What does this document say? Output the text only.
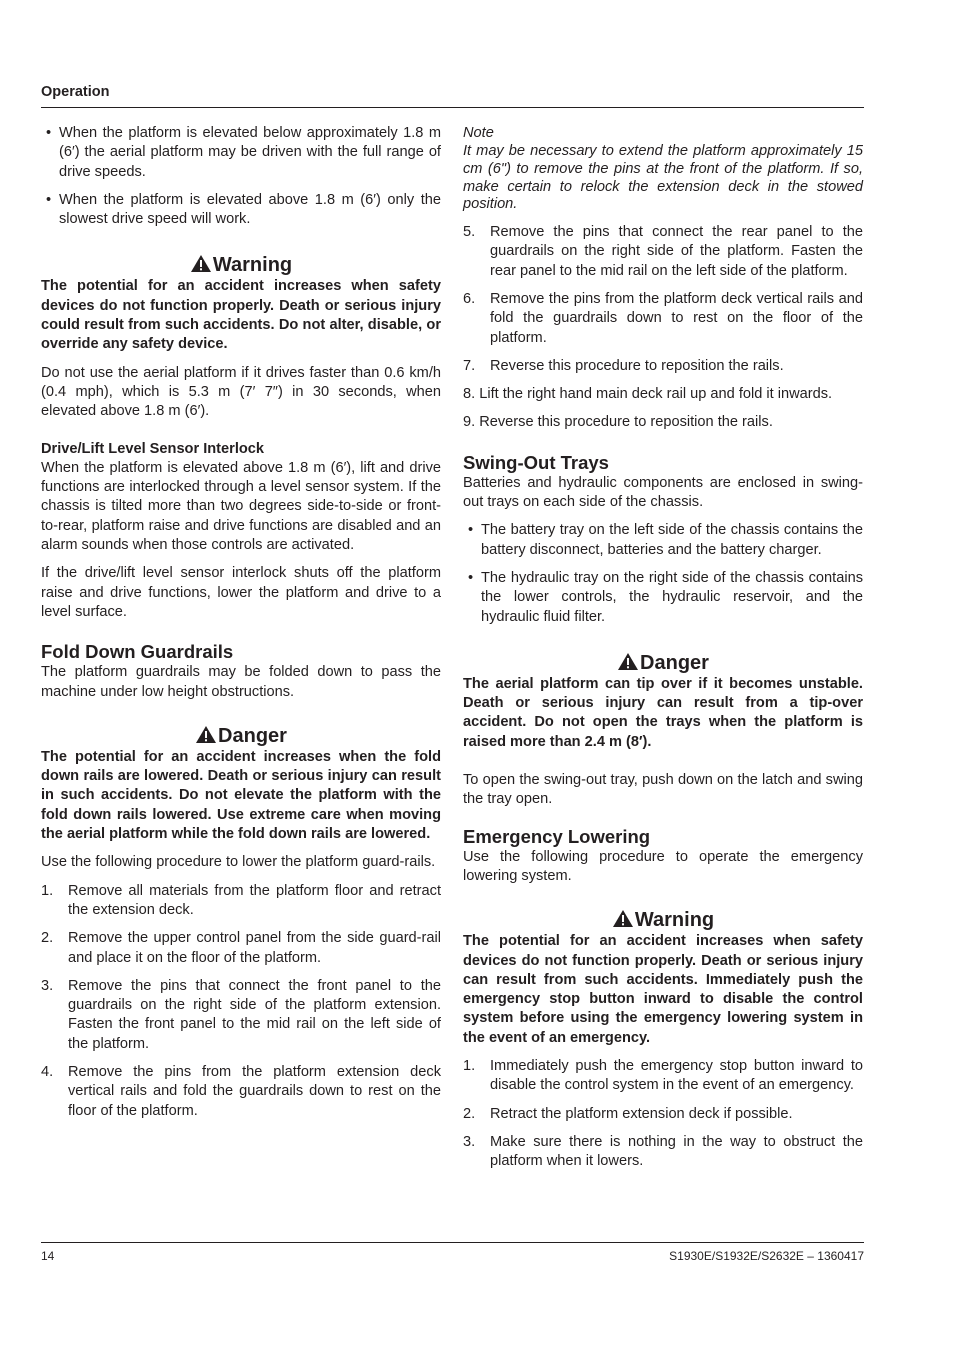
Operation
• When the platform is elevated below approximately 1.8 m (6′) the aerial platform may be driven with the full range of drive speeds.
• When the platform is elevated above 1.8 m (6′) only the slowest drive speed will work.
Warning

The potential for an accident increases when safety devices do not function properly. Death or serious injury could result from such accidents. Do not alter, disable, or override any safety device.

Do not use the aerial platform if it drives faster than 0.6 km/h (0.4 mph), which is 5.3 m (7′ 7″) in 30 seconds, when elevated above 1.8 m (6′).

Drive/Lift Level Sensor Interlock

When the platform is elevated above 1.8 m (6′), lift and drive functions are interlocked through a level sensor system. If the chassis is tilted more than two degrees side-to-side or front-to-rear, platform raise and drive functions are disabled and an alarm sounds when those controls are activated.

If the drive/lift level sensor interlock shuts off the platform raise and drive functions, lower the platform and drive to a level surface.

Fold Down Guardrails

The platform guardrails may be folded down to pass the machine under low height obstructions.

Danger

The potential for an accident increases when the fold down rails are lowered. Death or serious injury can result in such accidents. Do not elevate the platform with the fold down rails lowered. Use extreme care when moving the aerial platform while the fold down rails are lowered.

Use the following procedure to lower the platform guard-rails.

1. Remove all materials from the platform floor and retract the extension deck.
2. Remove the upper control panel from the side guard-rail and place it on the floor of the platform.
3. Remove the pins that connect the front panel to the guardrails on the right side of the platform extension. Fasten the front panel to the mid rail on the left side of the platform.
4. Remove the pins from the platform extension deck vertical rails and fold the guardrails down to rest on the floor of the platform.

Note

It may be necessary to extend the platform approximately 15 cm (6") to remove the pins at the front of the platform. If so, make certain to relock the extension deck in the stowed position.

5. Remove the pins that connect the rear panel to the guardrails on the right side of the platform. Fasten the rear panel to the mid rail on the left side of the platform.
6. Remove the pins from the platform deck vertical rails and fold the guardrails down to rest on the floor of the platform.
7. Reverse this procedure to reposition the rails.
8. Lift the right hand main deck rail up and fold it inwards.
9. Reverse this procedure to reposition the rails.
Swing-Out Trays

Batteries and hydraulic components are enclosed in swing-out trays on each side of the chassis.

• The battery tray on the left side of the chassis contains the battery disconnect, batteries and the battery charger.
• The hydraulic tray on the right side of the chassis contains the lower controls, the hydraulic reservoir, and the hydraulic fluid filter.
Danger

The aerial platform can tip over if it becomes unstable. Death or serious injury can result from a tip-over accident. Do not open the trays when the platform is raised more than 2.4 m (8′).

To open the swing-out tray, push down on the latch and swing the tray open.

Emergency Lowering

Use the following procedure to operate the emergency lowering system.

Warning

The potential for an accident increases when safety devices do not function properly. Death or serious injury can result from such accidents. Immediately push the emergency stop button inward to disable the control system before using the emergency lowering system in the event of an emergency.

1. Immediately push the emergency stop button inward to disable the control system in the event of an emergency.
2. Retract the platform extension deck if possible.
3. Make sure there is nothing in the way to obstruct the platform when it lowers.
14	S1930E/S1932E/S2632E – 1360417
